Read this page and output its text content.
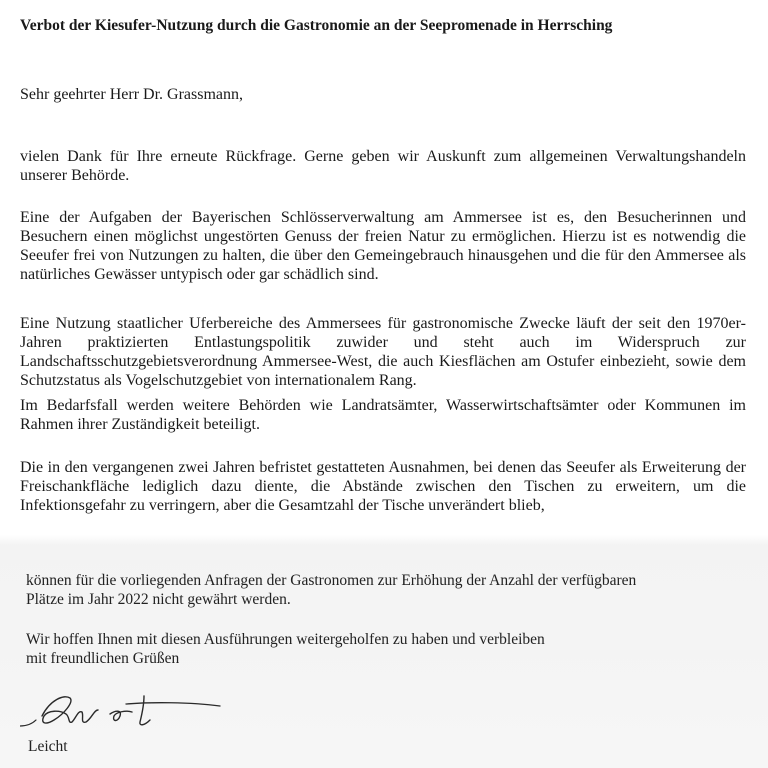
Verbot der Kiesufer-Nutzung durch die Gastronomie an der Seepromenade in Herrsching
Sehr geehrter Herr Dr. Grassmann,

vielen Dank für Ihre erneute Rückfrage. Gerne geben wir Auskunft zum allgemeinen Verwaltungshandeln unserer Behörde.

Eine der Aufgaben der Bayerischen Schlösserverwaltung am Ammersee ist es, den Besucherinnen und Besuchern einen möglichst ungestörten Genuss der freien Natur zu ermöglichen. Hierzu ist es notwendig die Seeufer frei von Nutzungen zu halten, die über den Gemeingebrauch hinausgehen und die für den Ammersee als natürliches Gewässer untypisch oder gar schädlich sind.

Eine Nutzung staatlicher Uferbereiche des Ammersees für gastronomische Zwecke läuft der seit den 1970er-Jahren praktizierten Entlastungspolitik zuwider und steht auch im Widerspruch zur Landschaftsschutzgebietsverordnung Ammersee-West, die auch Kiesflächen am Ostufer einbezieht, sowie dem Schutzstatus als Vogelschutzgebiet von internationalem Rang.

Im Bedarfsfall werden weitere Behörden wie Landratsämter, Wasserwirtschaftsämter oder Kommunen im Rahmen ihrer Zuständigkeit beteiligt.

Die in den vergangenen zwei Jahren befristet gestatteten Ausnahmen, bei denen das Seeufer als Erweiterung der Freischankfläche lediglich dazu diente, die Abstände zwischen den Tischen zu erweitern, um die Infektionsgefahr zu verringern, aber die Gesamtzahl der Tische unverändert blieb,

können für die vorliegenden Anfragen der Gastronomen zur Erhöhung der Anzahl der verfügbaren
Plätze im Jahr 2022 nicht gewährt werden.
Wir hoffen Ihnen mit diesen Ausführungen weitergeholfen zu haben und verbleiben
mit freundlichen Grüßen
Leicht
